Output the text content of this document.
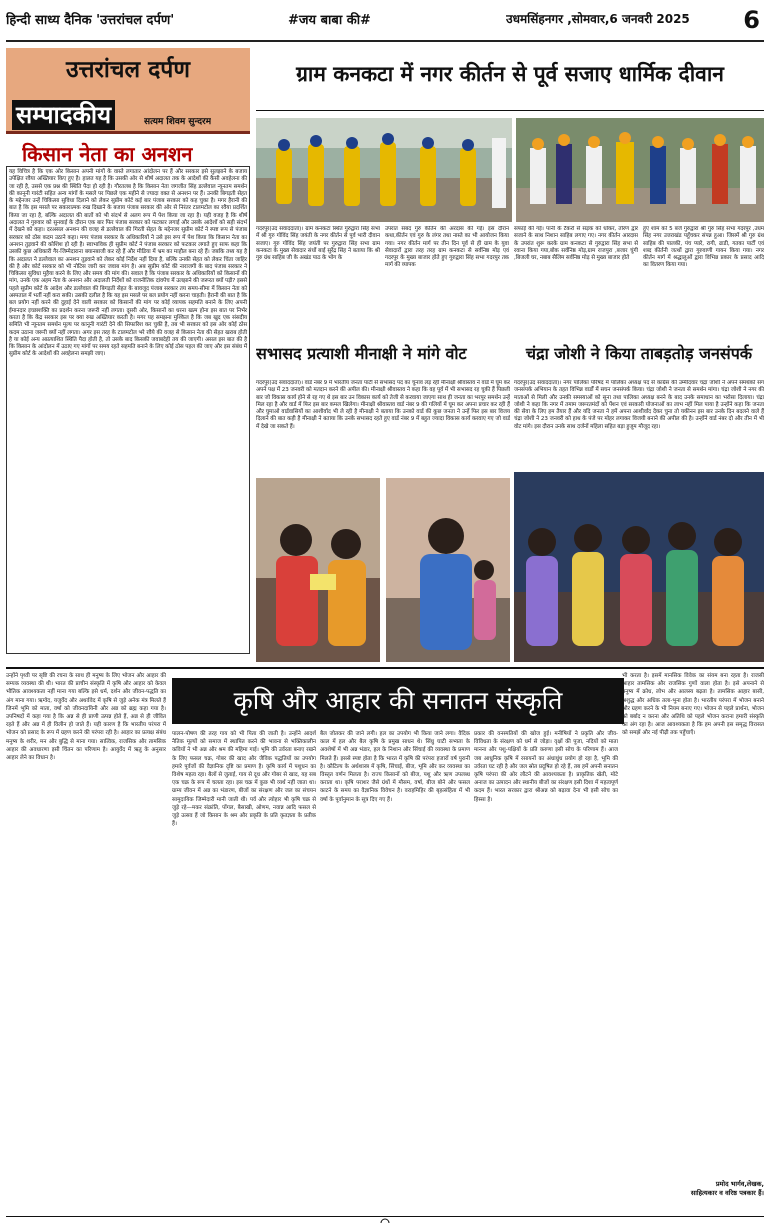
हिन्दी साध्य दैनिक 'उत्तरांचल दर्पण'	#जय बाबा की#	उधमसिंहनगर ,सोमवार,6 जनवरी 2025 6
उत्तरांचल दर्पण
सम्पादकीय	सत्यम शिवम सुन्दरम
किसान नेता का अनशन
यह विचित्र है कि एक ओर किसान अपनी मांगों के वास्ते लगातार आंदोलन पर हैं और सरकार इसे सुलझाने के बजाय उपेक्षित रवैया अख्तियार किए हुए है। हालत यह है कि उसकी ओर से शीर्ष अदालत तक के आदेशों की कैसी अवहेलना की जा रही है, उससे एक प्रश्न की स्थिति पैदा हो रही है। गौरतलब है कि किसान नेता जगजीत सिंह डल्लेवाल न्यूनतम समर्थन की कानूनी गारंटी सहित अन्य मांगों के मसले पर पिछले एक महीने से ज्यादा वक्त से अनशन पर हैं। उनकी बिगड़ती सेहत के मद्देनजर उन्हें चिकित्सा सुविधा दिलाने को लेकर सुप्रीम कोर्ट कई बार पंजाब सरकार को कह चुका है। मगर हैरानी की बात है कि इस मसले पर सकारात्मक रुख दिखाने के बजाय पंजाब सरकार की ओर से निरंतर टालमटोल का रवैया प्रदर्शित किया जा रहा है, बल्कि अदालत की बातों को भी संदर्भ से अलग रूप में पेश किया जा रहा है। यही वजह है कि शीर्ष अदालत ने गुरुवार को सुनवाई के दौरान एक बार फिर पंजाब सरकार को फटकार लगाई और उसके आदेशों को सही संदर्भ में देखने को कहा। दरअसल अनशन की वजह से डल्लेवाल की गिरती सेहत के मद्देनजर सुप्रीम कोर्ट ने स्पष्ट रूप से पंजाब सरकार को ठोस कदम उठाने कहा। मगर पंजाब सरकार के अधिकारियों ने उसे इस रूप में पेश किया कि किसान नेता का अनशन तुड़वाने की कोशिश हो रही है। स्वाभाविक ही सुप्रीम कोर्ट ने पंजाब सरकार को फटकार लगाते हुए साफ कहा कि उसकी कुछ अधिकारी गैर-जिम्मेदाराना बयानबाजी कर रहे हैं और मीडिया में भ्रम का माहौल बना रहे हैं। जबकि तथ्य यह है कि अदालत ने डल्लेवाल का अनशन तुड़वाने को लेकर कोई निर्देश नहीं दिया है, बल्कि उनकी सेहत को लेकर चिंता जाहिर की है और कोर्ट सरकार को भी नोटिस जारी कर जवाब मांग है। अब सुप्रीम कोर्ट की नाराजगी के बाद पंजाब सरकार ने चिकित्सा सुविधा मुहैया करने के लिए और समय की मांग की। सवाल है कि पंजाब सरकार के अधिकारियों को किसानों की मांग, उनके एक अहम नेता के अनशन और अदालती निर्देशों को राजनीतिक दांवपेच में उलझाने की जरूरत क्यों पड़ी? इससे पहले सुप्रीम कोर्ट के आदेश और डल्लेवाल की बिगड़ती सेहत के बावजूद पंजाब सरकार तय समय-सीमा में किसान नेता को अस्पताल में भर्ती नहीं करा सकी। उसकी दलील है कि यह इस मसले पर बल प्रयोग नहीं करना चाहती। हैरानी की बात है कि बल प्रयोग नहीं करने की दुहाई देने वाली सरकार को किसानों की मांग पर कोई व्यापक सहमति बनाने के लिए अपनी ईमानदार इच्छाशक्ति का प्रदर्शन करना जरूरी नहीं लगता। दूसरी ओर, किसानों का धरना खत्म होना इस बात पर निर्भर करता है कि केंद्र सरकार इस पर क्या रुख अख्तियार करती है। मगर यह समझना मुश्किल है कि जब खुद एक संसदीय समिति भी न्यूनतम समर्थन मूल्य पर कानूनी गारंटी देने की सिफारिश कर चुकी है, तब भी सरकार को इस ओर कोई ठोस कदम उठाना जरूरी क्यों नहीं लगता। अगर इस तरह के टालमटोल भरे रवैये की वजह से किसान नेता की सेहत खराब होती है या कोई अन्य अप्रत्याशित स्थिति पैदा होती है, तो उसके बाद किसकी जवाबदेही तय की जाएगी। असल इस बात की है कि किसान के आंदोलन में उठाए गए मांगों पर समय रहते सहमति बनाने के लिए कोई ठोस पहल की जाए और इस संबंध में सुप्रीम कोर्ट के आदेशों की अवहेलना समझी जाए।
ग्राम कनकटा में नगर कीर्तन से पूर्व सजाए धार्मिक दीवान
गदरपुर(उद संवाददाता)। ग्राम कनकटा स्थित गुरुद्वारा सिंह सभा में श्री गुरु गोविंद सिंह जयंती के नगर कीर्तन से पूर्व भारी दीवान सजाए। गुरु गोविंद सिंह जयंती पर गुरुद्वारा सिंह सभा ग्राम कनकटा के मुख्य सेवादार संधों बाई सुरेंद्र सिंह ने बताया कि श्री गुरु ग्रंथ साहिब जी के अखंड पाठ के भोग के
उपरांत सबद गुरु कीर्तन की अरदास की गई। इस दौरान कथा,कीर्तन एवं गुरु के लंगर तथा नास्ते का भी आयोजन किया गया। नगर कीर्तन मार्ग पर तीन दिन पूर्व से ही ग्राम के युवा सेवादारों द्वारा तरह तरह ग्राम कनकटा से सर्वनिष्ठ मोड़ एवं गदरपुर के मुख्य बाजार होते हुए गुरुद्वारा सिंह सभा गदरपुर तक मार्ग की व्यापक
सफाई की गई। पानी के टैंकरों से सड़क को धोकर, तोरण द्वार सजाने के साथ निशान साहिब लगाए गए। नगर कीर्तन आरदास के उपरांत शुरू करके ग्राम कनकटा से गुरुद्वारा सिंह सभा से रवाना किया गया,बोक सर्वनिष्ठ मोड़,ग्राम राजपुरा ,बजार चुंगी ,बिजली घर, नबाब सैलिम सर्वनिष्ठ मोड़ से मुख्य बाजार होते
हुए शाम को 5 बजे गुरुद्वारा श्री गुरु सिंह सभा गदरपुर ,उधम सिंह नगर उत्तराखंड पहुँचकर संपन्न हुआ। जिसमें श्री गुरु ग्रंथ साहिब की पालकी, पंच प्यारे, रागी, ढाडी, गतका पार्टी एवं शब्द कीर्तनी जत्थों द्वारा गुरुवाणी गायन किया गया। नगर कीर्तन मार्ग में श्रद्धालुओं द्वारा विभिन्न प्रकार के प्रसाद आदि का वितरण किया गया।
सभासद प्रत्याशी मीनाक्षी ने मांगे वोट	चंद्रा जोशी ने किया ताबड़तोड़ जनसंपर्क
गदरपुर(उद संवाददाता)। वार्ड नंबर 9 में भारतीय जनता पार्टी से सभासद पद का चुनाव लड़ रही मीनाक्षी श्रीवास्तव ने वार्ड में घूम कर अपने पक्ष में 23 जनवरी को मतदान करने की अपील की। मीनाक्षी श्रीवास्तव ने कहा कि वह पूर्व में भी सभासद रह चुकी हैं पिछली बार जो विकास कार्य होने से रह गए थे इस बार उन विकास कार्य को तेजी से करवाया जाएगा साथ ही जनता का भरपूर समर्थन उन्हें मिल रहा है और वार्ड में फिर इस बार कमल खिलेगा। मीनाक्षी श्रीवास्तव वार्ड नंबर 9 की गलियों में घूम कर अपना प्रचार कर रही हैं और घुमाओ वार्डवासियों का आशीर्वाद भी ले रही है मीनाक्षी ने बताया कि उनको वार्ड की कुछ जनता ने उन्हें फिर इस बार विजय दिलाने की बात कही है मीनाक्षी ने बताया कि उनके सभासद रहते हुए वार्ड नंबर 9 में बहुत ज्यादा विकास कार्य करवाए गए जो वार्ड में देखे जा सकते हैं।
गदरपुर(उद संवाददाता)। नगर पालिका परिषद में पालिका अध्यक्ष पद से कांग्रेस की उम्मीदवार चंद्रा जोशी ने अपने समर्थकों संग जनसंपर्क अभियान के तहत विभिन्न वार्डों में सघन जनसंपर्क किया। चंद्रा जोशी ने जनता से समर्थन मांगा। चंद्रा जोशी ने नगर की माताओं से मिली और उनकी समस्याओं को सुना तथा पालिका अध्यक्ष बनने के बाद उनके समाधान का भरोसा दिलाया। चंद्रा जोशी ने कहा कि नगर में तमाम जरूरतमंदों को पेंशन एवं सरकारी योजनाओं का लाभ नहीं मिल पाया है उन्होंने कहा कि जनता की सेवा के लिए हम तैयार हैं और यदि जनता ने हमें अपना आशीर्वाद देकर चुना तो यकीनन इस बार उनके दिन बदलने वाले हैं चंद्रा जोशी ने 23 जनवरी को हाथ के पंजे पर मोहर लगाकर विजयी बनाने की अपील की है। उन्होंने वार्ड नंबर दो और तीन में भी वोट मांगे। इस दौरान उनके साथ दर्जनों महिला सहित बड़ा हुजूम मौजूद रहा।
कृषि और आहार की सनातन संस्कृति
उन्होंने पृथ्वी पर सृष्टि की रचना के साथ ही मनुष्य के लिए भोजन और आहार की सम्यक व्यवस्था की थी। भारत की प्राचीन संस्कृति में कृषि और आहार को केवल भौतिक आवश्यकता नहीं माना गया बल्कि इसे धर्म, दर्शन और जीवन-पद्धति का अंग माना गया। ऋग्वेद, यजुर्वेद और अथर्ववेद में कृषि से जुड़े अनेक मंत्र मिलते हैं जिनमें भूमि को माता, वर्षा को जीवनदायिनी और अन्न को ब्रह्म कहा गया है। उपनिषदों में कहा गया है कि अन्न से ही प्राणी उत्पन्न होते हैं, अन्न से ही जीवित रहते हैं और अन्न में ही विलीन हो जाते हैं। यही कारण है कि भारतीय परंपरा में भोजन को प्रसाद के रूप में ग्रहण करने की परंपरा रही है। आहार का प्रत्यक्ष संबंध मनुष्य के शरीर, मन और बुद्धि से माना गया। सात्विक, राजसिक और तामसिक आहार की अवधारणा इसी चिंतन का परिणाम है। आयुर्वेद में ऋतु के अनुसार आहार लेने का विधान है।
पालन-पोषण की तरह गाय को भी पिता की जाती है। उन्होंने आदर्श नैतिक मूल्यों को समाज में स्थापित करने की भावना से भक्तिकालीन कवियों ने भी अन्न और श्रम की महिमा गाई। भूमि की उर्वरता बनाए रखने के लिए फसल चक्र, गोबर की खाद और जैविक पद्धतियों का उपयोग हमारे पूर्वजों की वैज्ञानिक दृष्टि का प्रमाण है। कृषि कार्य में पशुधन का विशेष महत्व रहा। बैलों से जुताई, गाय से दूध और गोबर से खाद, यह सब एक चक्र के रूप में चलता रहा। इस चक्र में कुछ भी व्यर्थ नहीं जाता था। ग्राम्य जीवन में अन्न का भंडारण, बीजों का संरक्षण और जल का संचयन सामुदायिक जिम्मेदारी मानी जाती थी। पर्व और त्योहार भी कृषि चक्र से जुड़े रहे—मकर संक्रांति, पोंगल, बैसाखी, ओणम, नवान्न आदि फसल से जुड़े उत्सव हैं जो किसान के श्रम और प्रकृति के प्रति कृतज्ञता के प्रतीक हैं।
बैल जोतकर की जाने लगी। हल का उपयोग भी किया जाने लगा। वैदिक काल में हल और बैल कृषि के प्रमुख साधन थे। सिंधु घाटी सभ्यता के अवशेषों में भी अन्न भंडार, हल के निशान और सिंचाई की व्यवस्था के प्रमाण मिलते हैं। इससे स्पष्ट होता है कि भारत में कृषि की परंपरा हजारों वर्ष पुरानी है। कौटिल्य के अर्थशास्त्र में कृषि, सिंचाई, बीज, भूमि और कर व्यवस्था का विस्तृत वर्णन मिलता है। राज्य किसानों को बीज, पशु और ऋण उपलब्ध कराता था। कृषि पराशर जैसे ग्रंथों में मौसम, वर्षा, बीज बोने और फसल काटने के समय का वैज्ञानिक विवेचन है। वराहमिहिर की बृहत्संहिता में भी वर्षा के पूर्वानुमान के सूत्र दिए गए हैं।
प्रकार की वनस्पतियों की खोज हुई। मनीषियों ने प्रकृति और जीव-विविधता के संरक्षण को धर्म से जोड़ा। वृक्षों की पूजा, नदियों को माता मानना और पशु-पक्षियों के प्रति करुणा इसी सोच के परिणाम हैं। आज जब आधुनिक कृषि में रसायनों का अंधाधुंध प्रयोग हो रहा है, भूमि की उर्वरता घट रही है और जल स्रोत प्रदूषित हो रहे हैं, तब हमें अपनी सनातन कृषि परंपरा की ओर लौटने की आवश्यकता है। प्राकृतिक खेती, मोटे अनाज का उत्पादन और स्थानीय बीजों का संरक्षण इसी दिशा में महत्वपूर्ण कदम हैं। भारत सरकार द्वारा श्रीअन्न को बढ़ावा देना भी इसी सोच का हिस्सा है।
भी करता है। इसमें मानसिक विवेक का संयम बना रहता है। राजसी आहार तामसिक और राजसिक गुणों वाला होता है। इसे अपनाने से मनुष्य में क्रोध, लोभ और आलस्य बढ़ता है। तामसिक आहार बासी, अशुद्ध और अधिक तला-भुना होता है। भारतीय परंपरा में भोजन बनाने और ग्रहण करने के भी नियम बनाए गए। भोजन से पहले प्रार्थना, भोजन को बर्बाद न करना और अतिथि को पहले भोजन कराना हमारी संस्कृति का अंग रहा है। आज आवश्यकता है कि हम अपनी इस समृद्ध विरासत को समझें और नई पीढ़ी तक पहुँचाएँ।
प्रमोद भार्गव,लेखक,
साहित्यकार व वरिष्ठ पत्रकार हैं।
